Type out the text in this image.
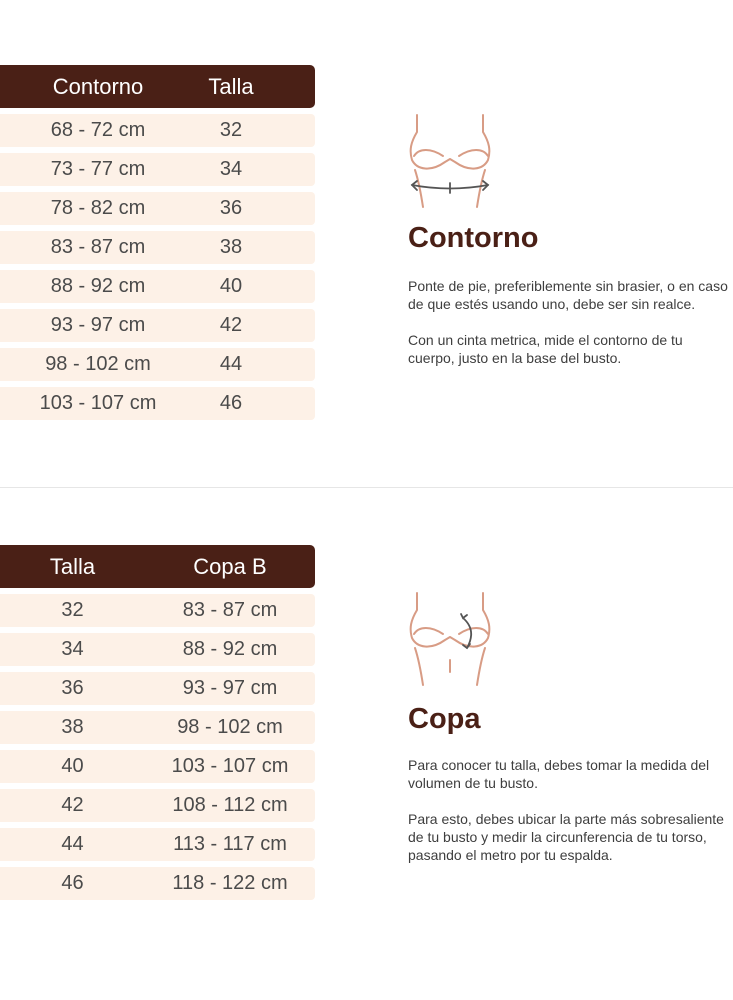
Contorno	Talla
68 - 72 cm	32
73 - 77 cm	34
78 - 82 cm	36
83 - 87 cm	38
88 - 92 cm	40
93 - 97 cm	42
98 - 102 cm	44
103 - 107 cm	46
Contorno

Ponte de pie, preferiblemente sin brasier, o en caso de que estés usando uno, debe ser sin realce.

Con un cinta metrica, mide el contorno de tu cuerpo, justo en la base del busto.

Talla	Copa B
32	83 - 87 cm
34	88 - 92 cm
36	93 - 97 cm
38	98 - 102 cm
40	103 - 107 cm
42	108 - 112 cm
44	113 - 117 cm
46	118 - 122 cm
Copa

Para conocer tu talla, debes tomar la medida del volumen de tu busto.

Para esto, debes ubicar la parte más sobresaliente de tu busto y medir la circunferencia de tu torso, pasando el metro por tu espalda.
